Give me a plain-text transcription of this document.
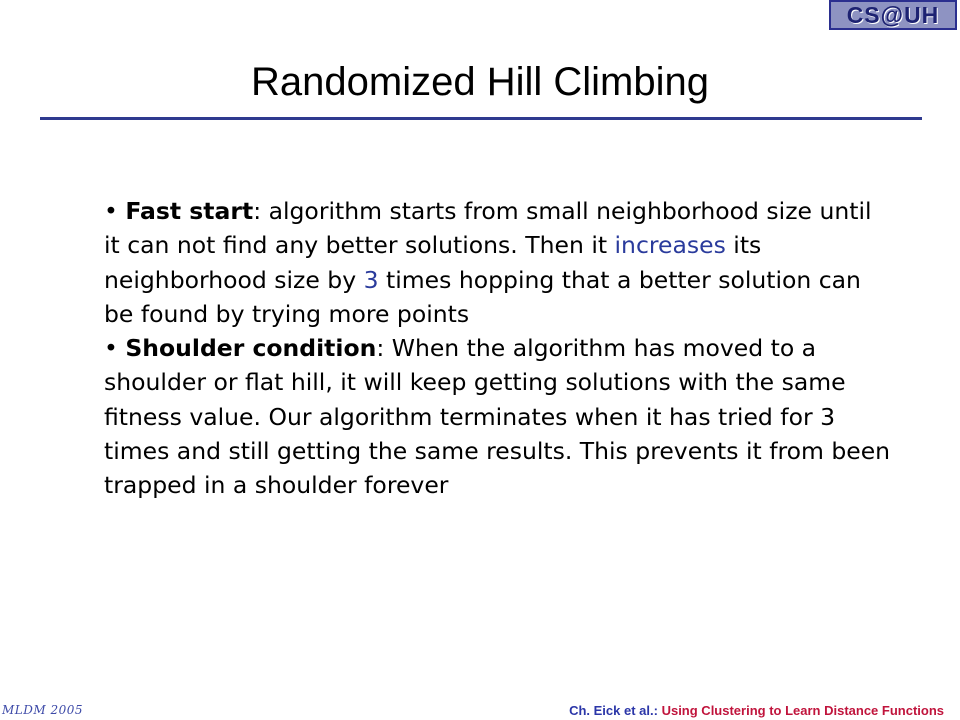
CS@UH
Randomized Hill Climbing

• Fast start: algorithm starts from small neighborhood size until it can not find any better solutions. Then it increases its neighborhood size by 3 times hopping that a better solution can be found by trying more points

• Shoulder condition: When the algorithm has moved to a shoulder or flat hill, it will keep getting solutions with the same fitness value. Our algorithm terminates when it has tried for 3 times and still getting the same results. This prevents it from been trapped in a shoulder forever

MLDM 2005	Ch. Eick et al.: Using Clustering to Learn Distance Functions
